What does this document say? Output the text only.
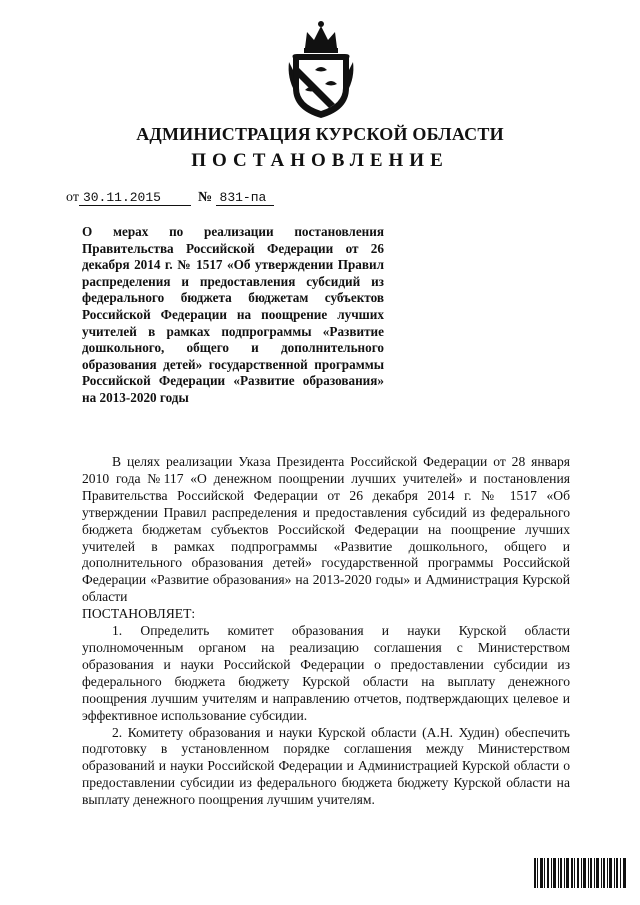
АДМИНИСТРАЦИЯ КУРСКОЙ ОБЛАСТИ
ПОСТАНОВЛЕНИЕ
от 30.11.2015	№ 831-па
О мерах по реализации постановления Правительства Российской Федерации от 26 декабря 2014 г. № 1517 «Об утверждении Правил распределения и предоставления субсидий из федерального бюджета бюджетам субъектов Российской Федерации на поощрение лучших учителей в рамках подпрограммы «Развитие дошкольного, общего и дополнительного образования детей» государственной программы Российской Федерации «Развитие образования» на 2013-2020 годы

В целях реализации Указа Президента Российской Федерации от 28 января 2010 года №117 «О денежном поощрении лучших учителей» и постановления Правительства Российской Федерации от 26 декабря 2014 г. № 1517 «Об утверждении Правил распределения и предоставления субсидий из федерального бюджета бюджетам субъектов Российской Федерации на поощрение лучших учителей в рамках подпрограммы «Развитие дошкольного, общего и дополнительного образования детей» государственной программы Российской Федерации «Развитие образования» на 2013-2020 годы» и Администрация Курской области

ПОСТАНОВЛЯЕТ:

1. Определить комитет образования и науки Курской области уполномоченным органом на реализацию соглашения с Министерством образования и науки Российской Федерации о предоставлении субсидии из федерального бюджета бюджету Курской области на выплату денежного поощрения лучшим учителям и направлению отчетов, подтверждающих целевое и эффективное использование субсидии.

2. Комитету образования и науки Курской области (А.Н. Худин) обеспечить подготовку в установленном порядке соглашения между Министерством образований и науки Российской Федерации и Администрацией Курской области о предоставлении субсидии из федерального бюджета бюджету Курской области на выплату денежного поощрения лучшим учителям.
